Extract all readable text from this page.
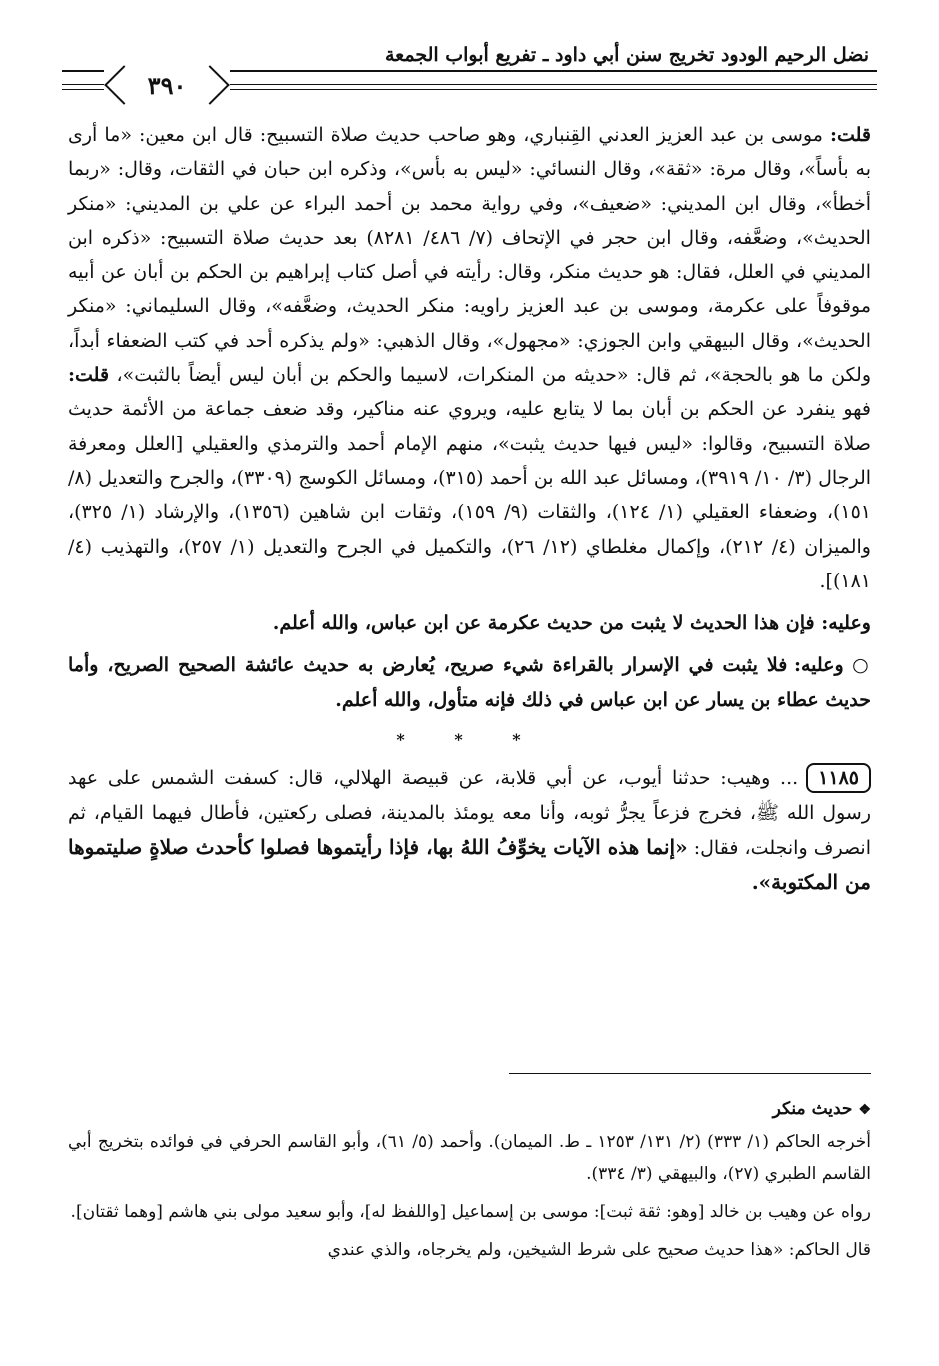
نضل الرحيم الودود تخريج سنن أبي داود ـ تفريع أبواب الجمعة
٣٩٠

قلت: موسى بن عبد العزيز العدني القِنباري، وهو صاحب حديث صلاة التسبيح: قال ابن معين: «ما أرى به بأساً»، وقال مرة: «ثقة»، وقال النسائي: «ليس به بأس»، وذكره ابن حبان في الثقات، وقال: «ربما أخطأ»، وقال ابن المديني: «ضعيف»، وفي رواية محمد بن أحمد البراء عن علي بن المديني: «منكر الحديث»، وضعَّفه، وقال ابن حجر في الإتحاف (٧/ ٤٨٦/ ٨٢٨١) بعد حديث صلاة التسبيح: «ذكره ابن المديني في العلل، فقال: هو حديث منكر، وقال: رأيته في أصل كتاب إبراهيم بن الحكم بن أبان عن أبيه موقوفاً على عكرمة، وموسى بن عبد العزيز راويه: منكر الحديث، وضعَّفه»، وقال السليماني: «منكر الحديث»، وقال البيهقي وابن الجوزي: «مجهول»، وقال الذهبي: «ولم يذكره أحد في كتب الضعفاء أبداً، ولكن ما هو بالحجة»، ثم قال: «حديثه من المنكرات، لاسيما والحكم بن أبان ليس أيضاً بالثبت»، قلت: فهو ينفرد عن الحكم بن أبان بما لا يتابع عليه، ويروي عنه مناكير، وقد ضعف جماعة من الأئمة حديث صلاة التسبيح، وقالوا: «ليس فيها حديث يثبت»، منهم الإمام أحمد والترمذي والعقيلي [العلل ومعرفة الرجال (٣/ ١٠/ ٣٩١٩)، ومسائل عبد الله بن أحمد (٣١٥)، ومسائل الكوسج (٣٣٠٩)، والجرح والتعديل (٨/ ١٥١)، وضعفاء العقيلي (١/ ١٢٤)، والثقات (٩/ ١٥٩)، وثقات ابن شاهين (١٣٥٦)، والإرشاد (١/ ٣٢٥)، والميزان (٤/ ٢١٢)، وإكمال مغلطاي (١٢/ ٢٦)، والتكميل في الجرح والتعديل (١/ ٢٥٧)، والتهذيب (٤/ ١٨١)].

وعليه: فإن هذا الحديث لا يثبت من حديث عكرمة عن ابن عباس، والله أعلم.

○ وعليه: فلا يثبت في الإسرار بالقراءة شيء صريح، يُعارض به حديث عائشة الصحيح الصريح، وأما حديث عطاء بن يسار عن ابن عباس في ذلك فإنه متأول، والله أعلم.

* * *

١١٨٥... وهيب: حدثنا أيوب، عن أبي قلابة، عن قبيصة الهلالي، قال: كسفت الشمس على عهد رسول الله ﷺ، فخرج فزعاً يجرُّ ثوبه، وأنا معه يومئذ بالمدينة، فصلى ركعتين، فأطال فيهما القيام، ثم انصرف وانجلت، فقال: «إنما هذه الآيات يخوِّفُ اللهُ بها، فإذا رأيتموها فصلوا كأحدث صلاةٍ صليتموها من المكتوبة».

❖حديث منكر

أخرجه الحاكم (١/ ٣٣٣) (٢/ ١٣١/ ١٢٥٣ ـ ط. الميمان). وأحمد (٥/ ٦١)، وأبو القاسم الحرفي في فوائده بتخريج أبي القاسم الطبري (٢٧)، والبيهقي (٣/ ٣٣٤).

رواه عن وهيب بن خالد [وهو: ثقة ثبت]: موسى بن إسماعيل [واللفظ له]، وأبو سعيد مولى بني هاشم [وهما ثقتان].

قال الحاكم: «هذا حديث صحيح على شرط الشيخين، ولم يخرجاه، والذي عندي
